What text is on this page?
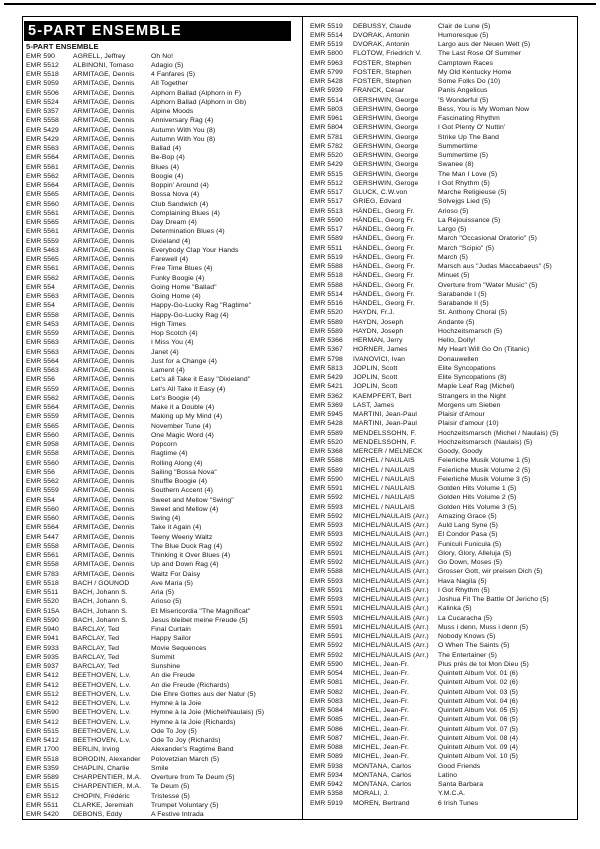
5-PART ENSEMBLE
5-PART ENSEMBLE
EMR 590	AGRELL, Jeffrey	Oh No!
EMR 5512	ALBINONI, Tomaso	Adagio (5)
EMR 5518	ARMITAGE, Dennis	4 Fanfares (5)
EMR 5959	ARMITAGE, Dennis	All Together
EMR 5506	ARMITAGE, Dennis	Alphorn Ballad (Alphorn in F)
EMR 5524	ARMITAGE, Dennis	Alphorn Ballad (Alphorn in Gb)
EMR 5357	ARMITAGE, Dennis	Alpine Moods
EMR 5558	ARMITAGE, Dennis	Anniversary Rag (4)
EMR 5429	ARMITAGE, Dennis	Autumn With You (8)
EMR 5429	ARMITAGE, Dennis	Autumn With You (8)
EMR 5563	ARMITAGE, Dennis	Ballad (4)
EMR 5564	ARMITAGE, Dennis	Be-Bop (4)
EMR 5561	ARMITAGE, Dennis	Blues (4)
EMR 5562	ARMITAGE, Dennis	Boogie (4)
EMR 5564	ARMITAGE, Dennis	Boppin' Around (4)
EMR 5565	ARMITAGE, Dennis	Bossa Nova (4)
EMR 5560	ARMITAGE, Dennis	Club Sandwich (4)
EMR 5561	ARMITAGE, Dennis	Complaining Blues (4)
EMR 5565	ARMITAGE, Dennis	Day Dream (4)
EMR 5561	ARMITAGE, Dennis	Determination Blues (4)
EMR 5559	ARMITAGE, Dennis	Dixieland (4)
EMR 5463	ARMITAGE, Dennis	Everybody Clap Your Hands
EMR 5565	ARMITAGE, Dennis	Farewell (4)
EMR 5561	ARMITAGE, Dennis	Free Time Blues (4)
EMR 5562	ARMITAGE, Dennis	Funky Boogie (4)
EMR 554	ARMITAGE, Dennis	Going Home "Ballad"
EMR 5563	ARMITAGE, Dennis	Going Home (4)
EMR 554	ARMITAGE, Dennis	Happy-Go-Lucky Rag "Ragtime"
EMR 5558	ARMITAGE, Dennis	Happy-Go-Lucky Rag (4)
EMR 5453	ARMITAGE, Dennis	High Times
EMR 5559	ARMITAGE, Dennis	Hop Scotch (4)
EMR 5563	ARMITAGE, Dennis	I Miss You (4)
EMR 5563	ARMITAGE, Dennis	Janet (4)
EMR 5564	ARMITAGE, Dennis	Just for a Change (4)
EMR 5563	ARMITAGE, Dennis	Lament (4)
EMR 556	ARMITAGE, Dennis	Let's all Take it Easy "Dixieland"
EMR 5559	ARMITAGE, Dennis	Let's All Take it Easy (4)
EMR 5562	ARMITAGE, Dennis	Let's Boogie (4)
EMR 5564	ARMITAGE, Dennis	Make it a Double (4)
EMR 5559	ARMITAGE, Dennis	Making up My Mind (4)
EMR 5565	ARMITAGE, Dennis	November Tune (4)
EMR 5560	ARMITAGE, Dennis	One Magic Word (4)
EMR 5958	ARMITAGE, Dennis	Popcorn
EMR 5558	ARMITAGE, Dennis	Ragtime (4)
EMR 5560	ARMITAGE, Dennis	Rolling Along (4)
EMR 556	ARMITAGE, Dennis	Sailing "Bossa Nova"
EMR 5562	ARMITAGE, Dennis	Shuffle Boogie (4)
EMR 5559	ARMITAGE, Dennis	Southern Accent (4)
EMR 554	ARMITAGE, Dennis	Sweet and Mellow "Swing"
EMR 5560	ARMITAGE, Dennis	Sweet and Mellow (4)
EMR 5560	ARMITAGE, Dennis	Swing (4)
EMR 5564	ARMITAGE, Dennis	Take it Again (4)
EMR 5447	ARMITAGE, Dennis	Teeny Weeny Waltz
EMR 5558	ARMITAGE, Dennis	The Blue Duck Rag (4)
EMR 5561	ARMITAGE, Dennis	Thinking it Over Blues (4)
EMR 5558	ARMITAGE, Dennis	Up and Down Rag (4)
EMR 5783	ARMITAGE, Dennis	Waltz For Daisy
EMR 5518	BACH / GOUNOD	Ave Maria (5)
EMR 5511	BACH, Johann S.	Aria (5)
EMR 5520	BACH, Johann S.	Arioso (5)
EMR 515A	BACH, Johann S.	Et Misericordia "The Magnificat"
EMR 5590	BACH, Johann S.	Jesus bleibet meine Freude (5)
EMR 5940	BARCLAY, Ted	Final Curtain
EMR 5941	BARCLAY, Ted	Happy Sailor
EMR 5933	BARCLAY, Ted	Movie Sequences
EMR 5935	BARCLAY, Ted	Summit
EMR 5937	BARCLAY, Ted	Sunshine
EMR 5412	BEETHOVEN, L.v.	An die Freude
EMR 5412	BEETHOVEN, L.v.	An die Freude (Richards)
EMR 5512	BEETHOVEN, L.v.	Die Ehre Gottes aus der Natur (5)
EMR 5412	BEETHOVEN, L.v.	Hymne à la Joie
EMR 5590	BEETHOVEN, L.v.	Hymne à la Joie (Michel/Naulais) (5)
EMR 5412	BEETHOVEN, L.v.	Hymne à la Joie (Richards)
EMR 5515	BEETHOVEN, L.v.	Ode To Joy (5)
EMR 5412	BEETHOVEN, L.v.	Ode To Joy (Richards)
EMR 1700	BERLIN, Irving	Alexander's Ragtime Band
EMR 5518	BORODIN, Alexander	Polovetzian March (5)
EMR 5359	CHAPLIN, Charlie	Smile
EMR 5589	CHARPENTIER, M.A.	Overture from Te Deum (5)
EMR 5515	CHARPENTIER, M.A.	Te Deum (5)
EMR 5512	CHOPIN, Frédéric	Tristesse (5)
EMR 5511	CLARKE, Jeremiah	Trumpet Voluntary (5)
EMR 5420	DEBONS, Eddy	A Festive Intrada
EMR 5519	DEBUSSY, Claude	Clair de Lune (5)
EMR 5514	DVORAK, Antonin	Humoresque (5)
EMR 5519	DVORAK, Antonin	Largo aus der Neuen Welt (5)
EMR 5800	FLOTOW, Friedrich V.	The Last Rose Of Summer
EMR 5963	FOSTER, Stephen	Camptown Races
EMR 5799	FOSTER, Stephen	My Old Kentucky Home
EMR 5428	FOSTER, Stephen	Some Folks Do (10)
EMR 5939	FRANCK, César	Panis Angelicus
EMR 5514	GERSHWIN, George	'S Wonderful (5)
EMR 5803	GERSHWIN, George	Bess, You is My Woman Now
EMR 5961	GERSHWIN, George	Fascinating Rhythm
EMR 5804	GERSHWIN, George	I Got Plenty O' Nuttin'
EMR 5781	GERSHWIN, George	Strike Up The Band
EMR 5782	GERSHWIN, George	Summertime
EMR 5520	GERSHWIN, George	Summertime (5)
EMR 5429	GERSHWIN, George	Swanee (8)
EMR 5515	GERSHWIN, George	The Man I Love (5)
EMR 5512	GERSHWIN, Geroge	I Got Rhythm (5)
EMR 5517	GLUCK, C.W.von	Marche Religieuse (5)
EMR 5517	GRIEG, Edvard	Solvejgs Lied (5)
EMR 5513	HÄNDEL, Georg Fr.	Arioso (5)
EMR 5590	HÄNDEL, Georg Fr.	La Réjouissance (5)
EMR 5517	HÄNDEL, Georg Fr.	Largo (5)
EMR 5589	HÄNDEL, Georg Fr.	March "Occasional Oratorio" (5)
EMR 5511	HÄNDEL, Georg Fr.	March "Scipio" (5)
EMR 5519	HÄNDEL, Georg Fr.	March (5)
EMR 5588	HÄNDEL, Georg Fr.	Marsch aus "Judas Maccabaeus" (5)
EMR 5518	HÄNDEL, Georg Fr.	Minuet (5)
EMR 5588	HÄNDEL, Georg Fr.	Overture from "Water Music" (5)
EMR 5514	HÄNDEL, Georg Fr.	Sarabande I (5)
EMR 5516	HÄNDEL, Georg Fr.	Sarabande II (5)
EMR 5520	HAYDN, Fr.J.	St. Anthony Choral (5)
EMR 5589	HAYDN, Joseph	Andante (5)
EMR 5589	HAYDN, Joseph	Hochzeitsmarsch (5)
EMR 5366	HERMAN, Jerry	Hello, Dolly!
EMR 5367	HORNER, James	My Heart Will Go On (Titanic)
EMR 5798	IVANOVICI, Ivan	Donauwellen
EMR 5813	JOPLIN, Scott	Elite Syncopations
EMR 5429	JOPLIN, Scott	Elite Syncopations (8)
EMR 5421	JOPLIN, Scott	Maple Leaf Rag (Michel)
EMR 5362	KAEMPFERT, Bert	Strangers in the Night
EMR 5369	LAST, James	Morgens um Sieben
EMR 5945	MARTINI, Jean-Paul	Plaisir d'Amour
EMR 5428	MARTINI, Jean-Paul	Plaisir d'amour (10)
EMR 5589	MENDELSSOHN, F.	Hochzeitsmarsch (Michel / Naulais) (5)
EMR 5520	MENDELSSOHN, F.	Hochzeitsmarsch (Naulais) (5)
EMR 5368	MERCER / MELNECK	Goody, Goody
EMR 5588	MICHEL / NAULAIS	Feierliche Musik Volume 1 (5)
EMR 5589	MICHEL / NAULAIS	Feierliche Musik Volume 2 (5)
EMR 5590	MICHEL / NAULAIS	Feierliche Musik Volume 3 (5)
EMR 5591	MICHEL / NAULAIS	Golden Hits Volume 1 (5)
EMR 5592	MICHEL / NAULAIS	Golden Hits Volume 2 (5)
EMR 5593	MICHEL / NAULAIS	Golden Hits Volume 3 (5)
EMR 5592	MICHEL/NAULAIS (Arr.)	Amazing Grace (5)
EMR 5593	MICHEL/NAULAIS (Arr.)	Auld Lang Syne (5)
EMR 5593	MICHEL/NAULAIS (Arr.)	El Condor Pasa (5)
EMR 5592	MICHEL/NAULAIS (Arr.)	Funiculi Funicula (5)
EMR 5591	MICHEL/NAULAIS (Arr.)	Glory, Glory, Alleluja (5)
EMR 5592	MICHEL/NAULAIS (Arr.)	Go Down, Moses (5)
EMR 5588	MICHEL/NAULAIS (Arr.)	Grosser Gott, wir preisen Dich (5)
EMR 5593	MICHEL/NAULAIS (Arr.)	Hava Nagila (5)
EMR 5591	MICHEL/NAULAIS (Arr.)	I Got Rhythm (5)
EMR 5593	MICHEL/NAULAIS (Arr.)	Joshua Fit The Battle Of Jericho (5)
EMR 5591	MICHEL/NAULAIS (Arr.)	Kalinka (5)
EMR 5593	MICHEL/NAULAIS (Arr.)	La Cucaracha (5)
EMR 5591	MICHEL/NAULAIS (Arr.)	Muss i denn, Muss i denn (5)
EMR 5591	MICHEL/NAULAIS (Arr.)	Nobody Knows (5)
EMR 5592	MICHEL/NAULAIS (Arr.)	O When The Saints (5)
EMR 5592	MICHEL/NAULAIS (Arr.)	The Entertainer (5)
EMR 5590	MICHEL, Jean-Fr.	Plus près de toi Mon Dieu (5)
EMR 5054	MICHEL, Jean-Fr.	Quintett Album Vol. 01 (6)
EMR 5081	MICHEL, Jean-Fr.	Quintett Album Vol. 02 (6)
EMR 5082	MICHEL, Jean-Fr.	Quintett Album Vol. 03 (5)
EMR 5083	MICHEL, Jean-Fr.	Quintett Album Vol. 04 (6)
EMR 5084	MICHEL, Jean-Fr.	Quintett Album Vol. 05 (5)
EMR 5085	MICHEL, Jean-Fr.	Quintett Album Vol. 06 (5)
EMR 5086	MICHEL, Jean-Fr.	Quintett Album Vol. 07 (5)
EMR 5087	MICHEL, Jean-Fr.	Quintett Album Vol. 08 (4)
EMR 5088	MICHEL, Jean-Fr.	Quintett Album Vol. 09 (4)
EMR 5089	MICHEL, Jean-Fr.	Quintett Album Vol. 10 (5)
EMR 5938	MONTANA, Carlos	Good Friends
EMR 5934	MONTANA, Carlos	Latino
EMR 5942	MONTANA, Carlos	Santa Barbara
EMR 5358	MORALI, J.	Y.M.C.A.
EMR 5919	MOREN, Bertrand	6 Irish Tunes
